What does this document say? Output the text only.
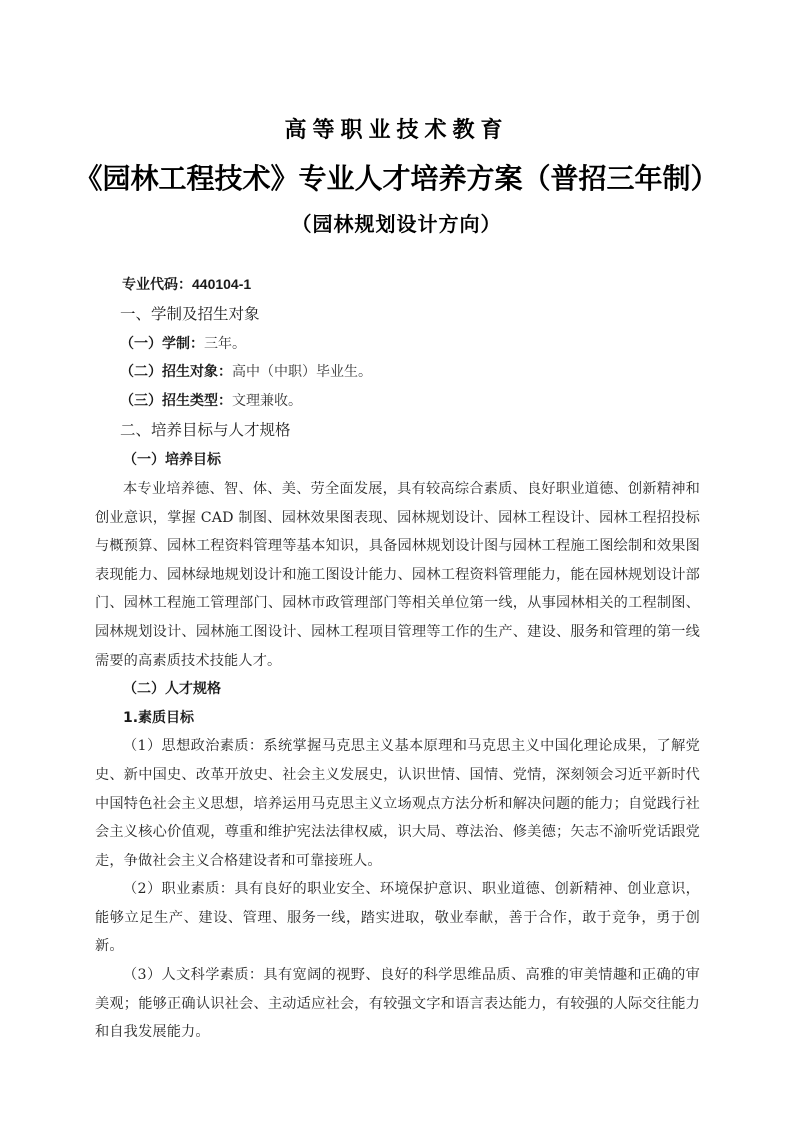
高等职业技术教育
《园林工程技术》专业人才培养方案（普招三年制）
（园林规划设计方向）

专业代码：440104-1

一、学制及招生对象

（一）学制：三年。

（二）招生对象：高中（中职）毕业生。

（三）招生类型：文理兼收。

二、培养目标与人才规格

（一）培养目标

本专业培养德、智、体、美、劳全面发展，具有较高综合素质、良好职业道德、创新精神和创业意识，掌握 CAD 制图、园林效果图表现、园林规划设计、园林工程设计、园林工程招投标与概预算、园林工程资料管理等基本知识，具备园林规划设计图与园林工程施工图绘制和效果图表现能力、园林绿地规划设计和施工图设计能力、园林工程资料管理能力，能在园林规划设计部门、园林工程施工管理部门、园林市政管理部门等相关单位第一线，从事园林相关的工程制图、园林规划设计、园林施工图设计、园林工程项目管理等工作的生产、建设、服务和管理的第一线需要的高素质技术技能人才。

（二）人才规格

1.素质目标

（1）思想政治素质：系统掌握马克思主义基本原理和马克思主义中国化理论成果，了解党史、新中国史、改革开放史、社会主义发展史，认识世情、国情、党情，深刻领会习近平新时代中国特色社会主义思想，培养运用马克思主义立场观点方法分析和解决问题的能力；自觉践行社会主义核心价值观，尊重和维护宪法法律权威，识大局、尊法治、修美德；矢志不渝听党话跟党走，争做社会主义合格建设者和可靠接班人。

（2）职业素质：具有良好的职业安全、环境保护意识、职业道德、创新精神、创业意识，能够立足生产、建设、管理、服务一线，踏实进取，敬业奉献，善于合作，敢于竞争，勇于创新。

（3）人文科学素质：具有宽阔的视野、良好的科学思维品质、高雅的审美情趣和正确的审美观；能够正确认识社会、主动适应社会，有较强文字和语言表达能力，有较强的人际交往能力和自我发展能力。
